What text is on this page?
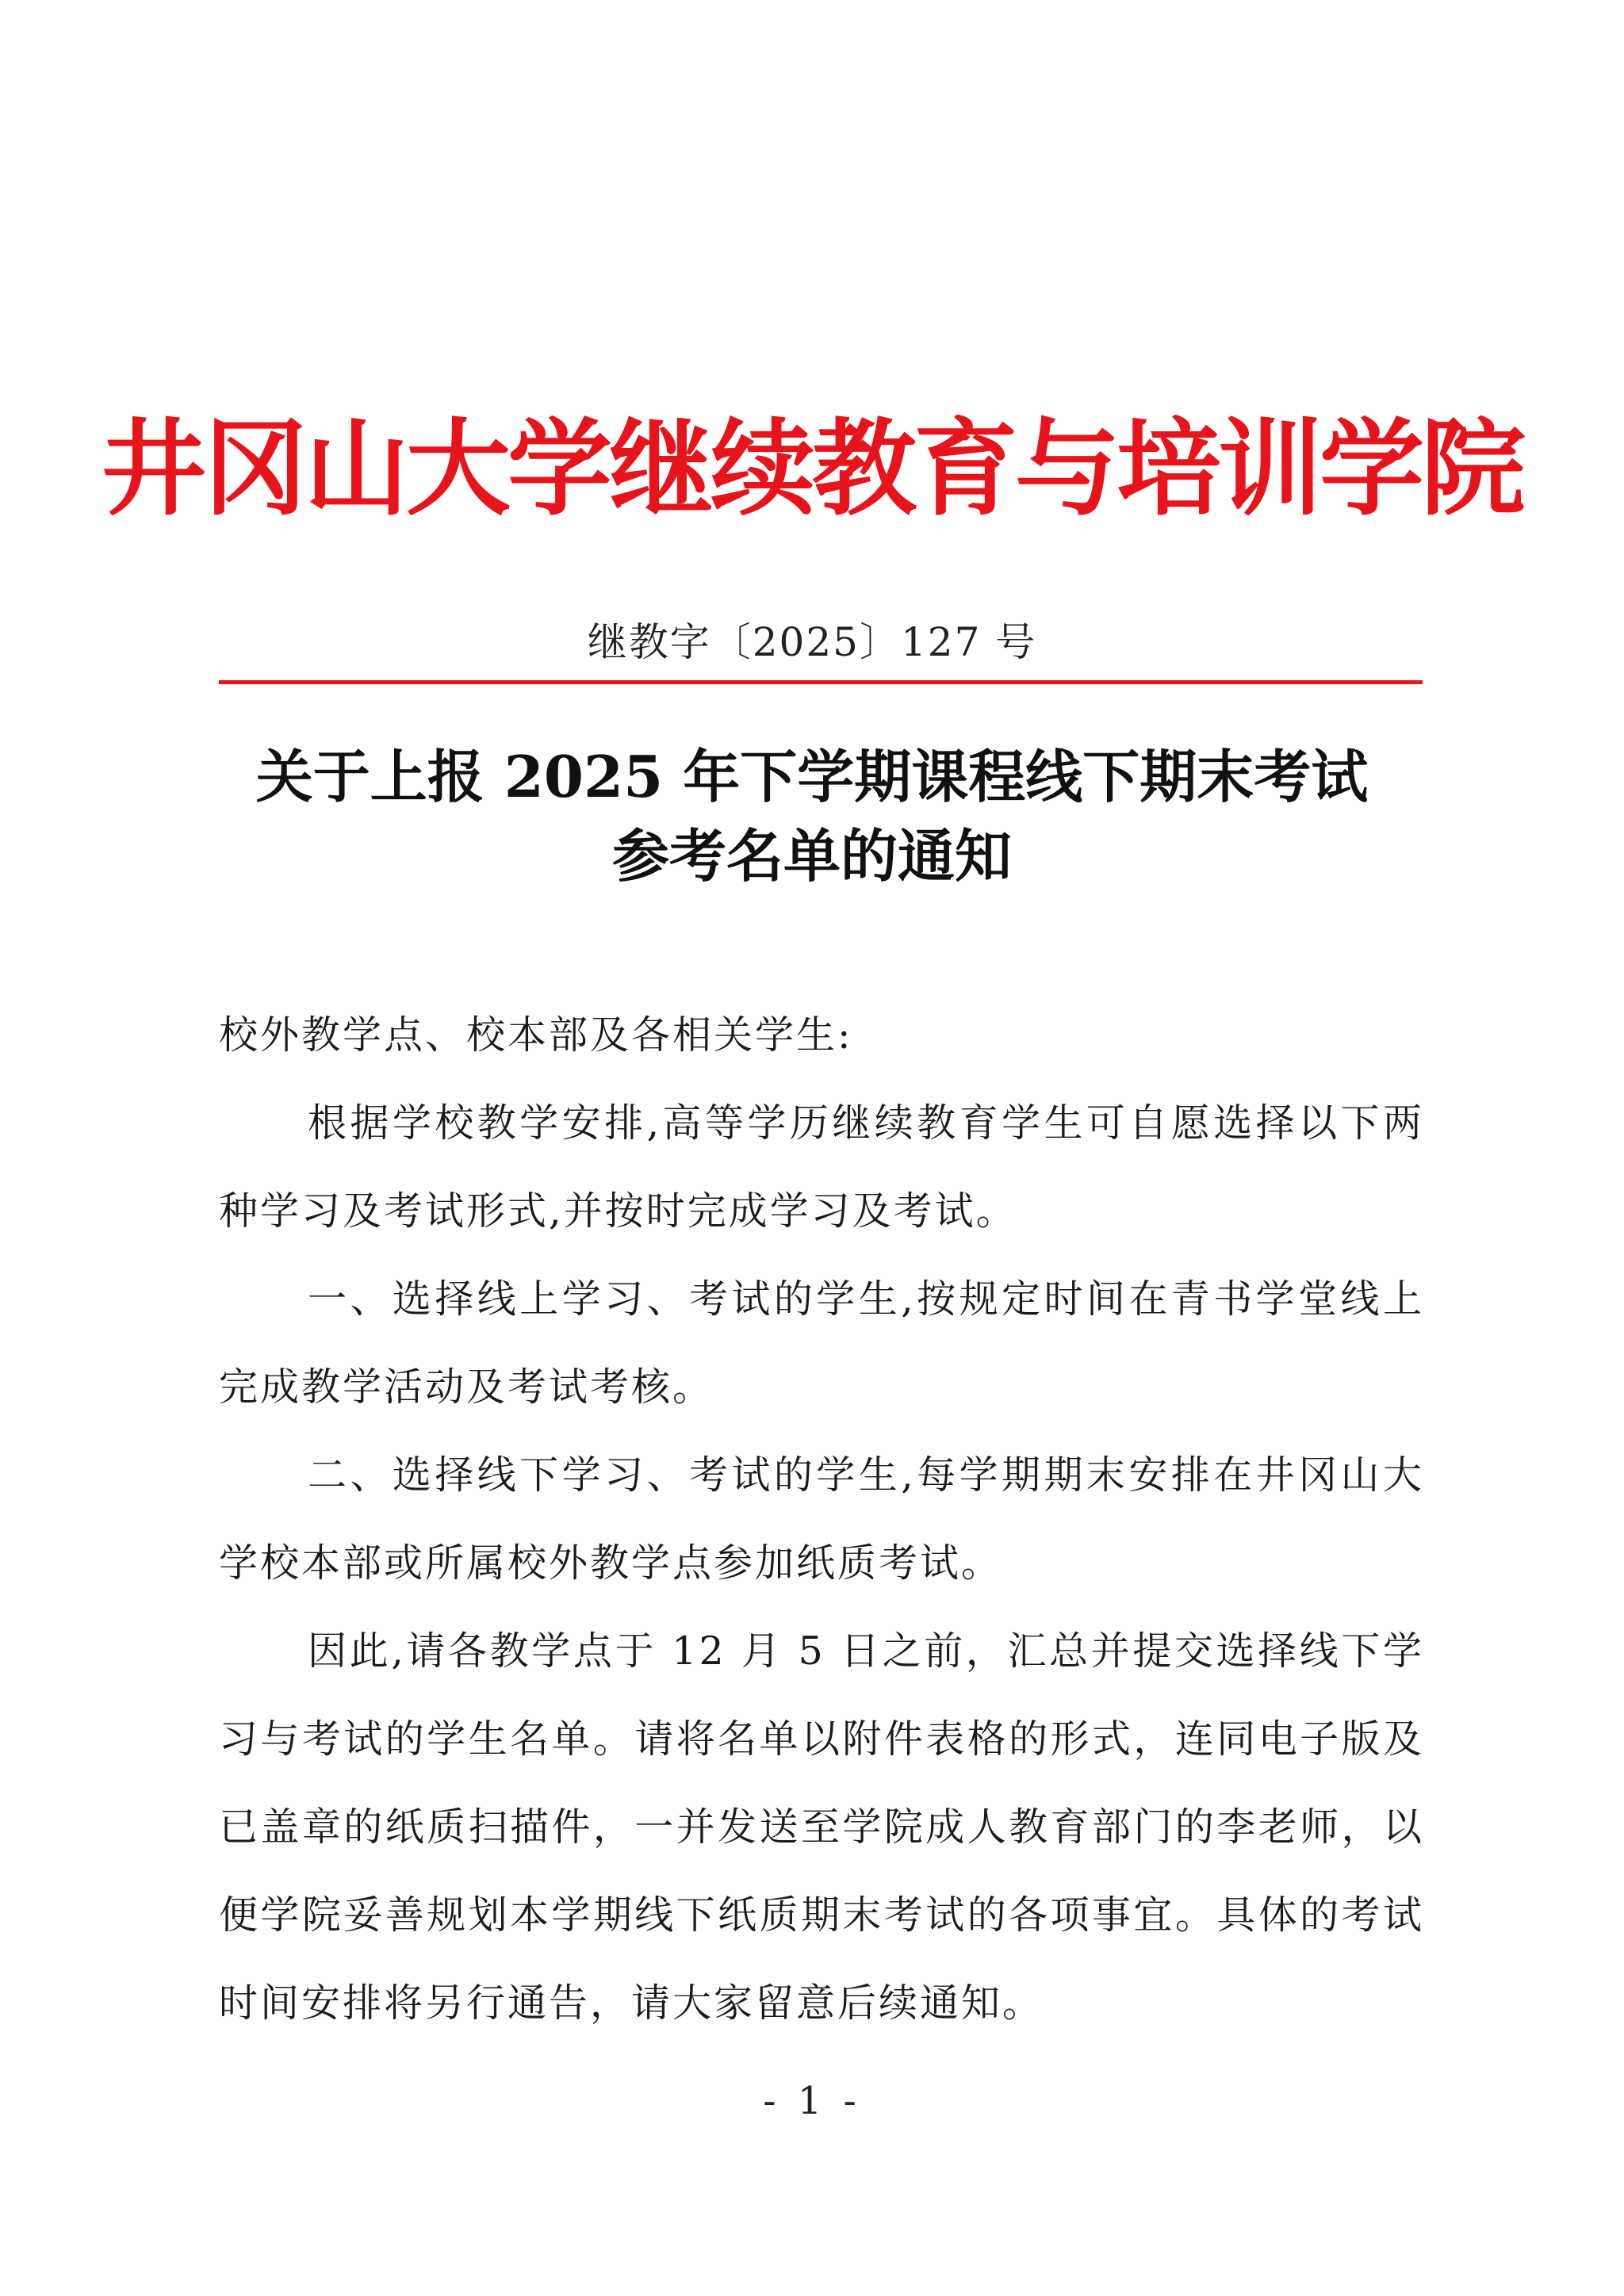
井冈山大学继续教育与培训学院
继教字〔2025〕127 号
关于上报 2025 年下学期课程线下期末考试
参考名单的通知

校外教学点、校本部及各相关学生:

根据学校教学安排,高等学历继续教育学生可自愿选择以下两种学习及考试形式,并按时完成学习及考试。

一、选择线上学习、考试的学生,按规定时间在青书学堂线上完成教学活动及考试考核。

二、选择线下学习、考试的学生,每学期期末安排在井冈山大学校本部或所属校外教学点参加纸质考试。

因此,请各教学点于 12 月 5 日之前，汇总并提交选择线下学习与考试的学生名单。请将名单以附件表格的形式，连同电子版及已盖章的纸质扫描件，一并发送至学院成人教育部门的李老师，以便学院妥善规划本学期线下纸质期末考试的各项事宜。具体的考试时间安排将另行通告，请大家留意后续通知。

- 1 -
